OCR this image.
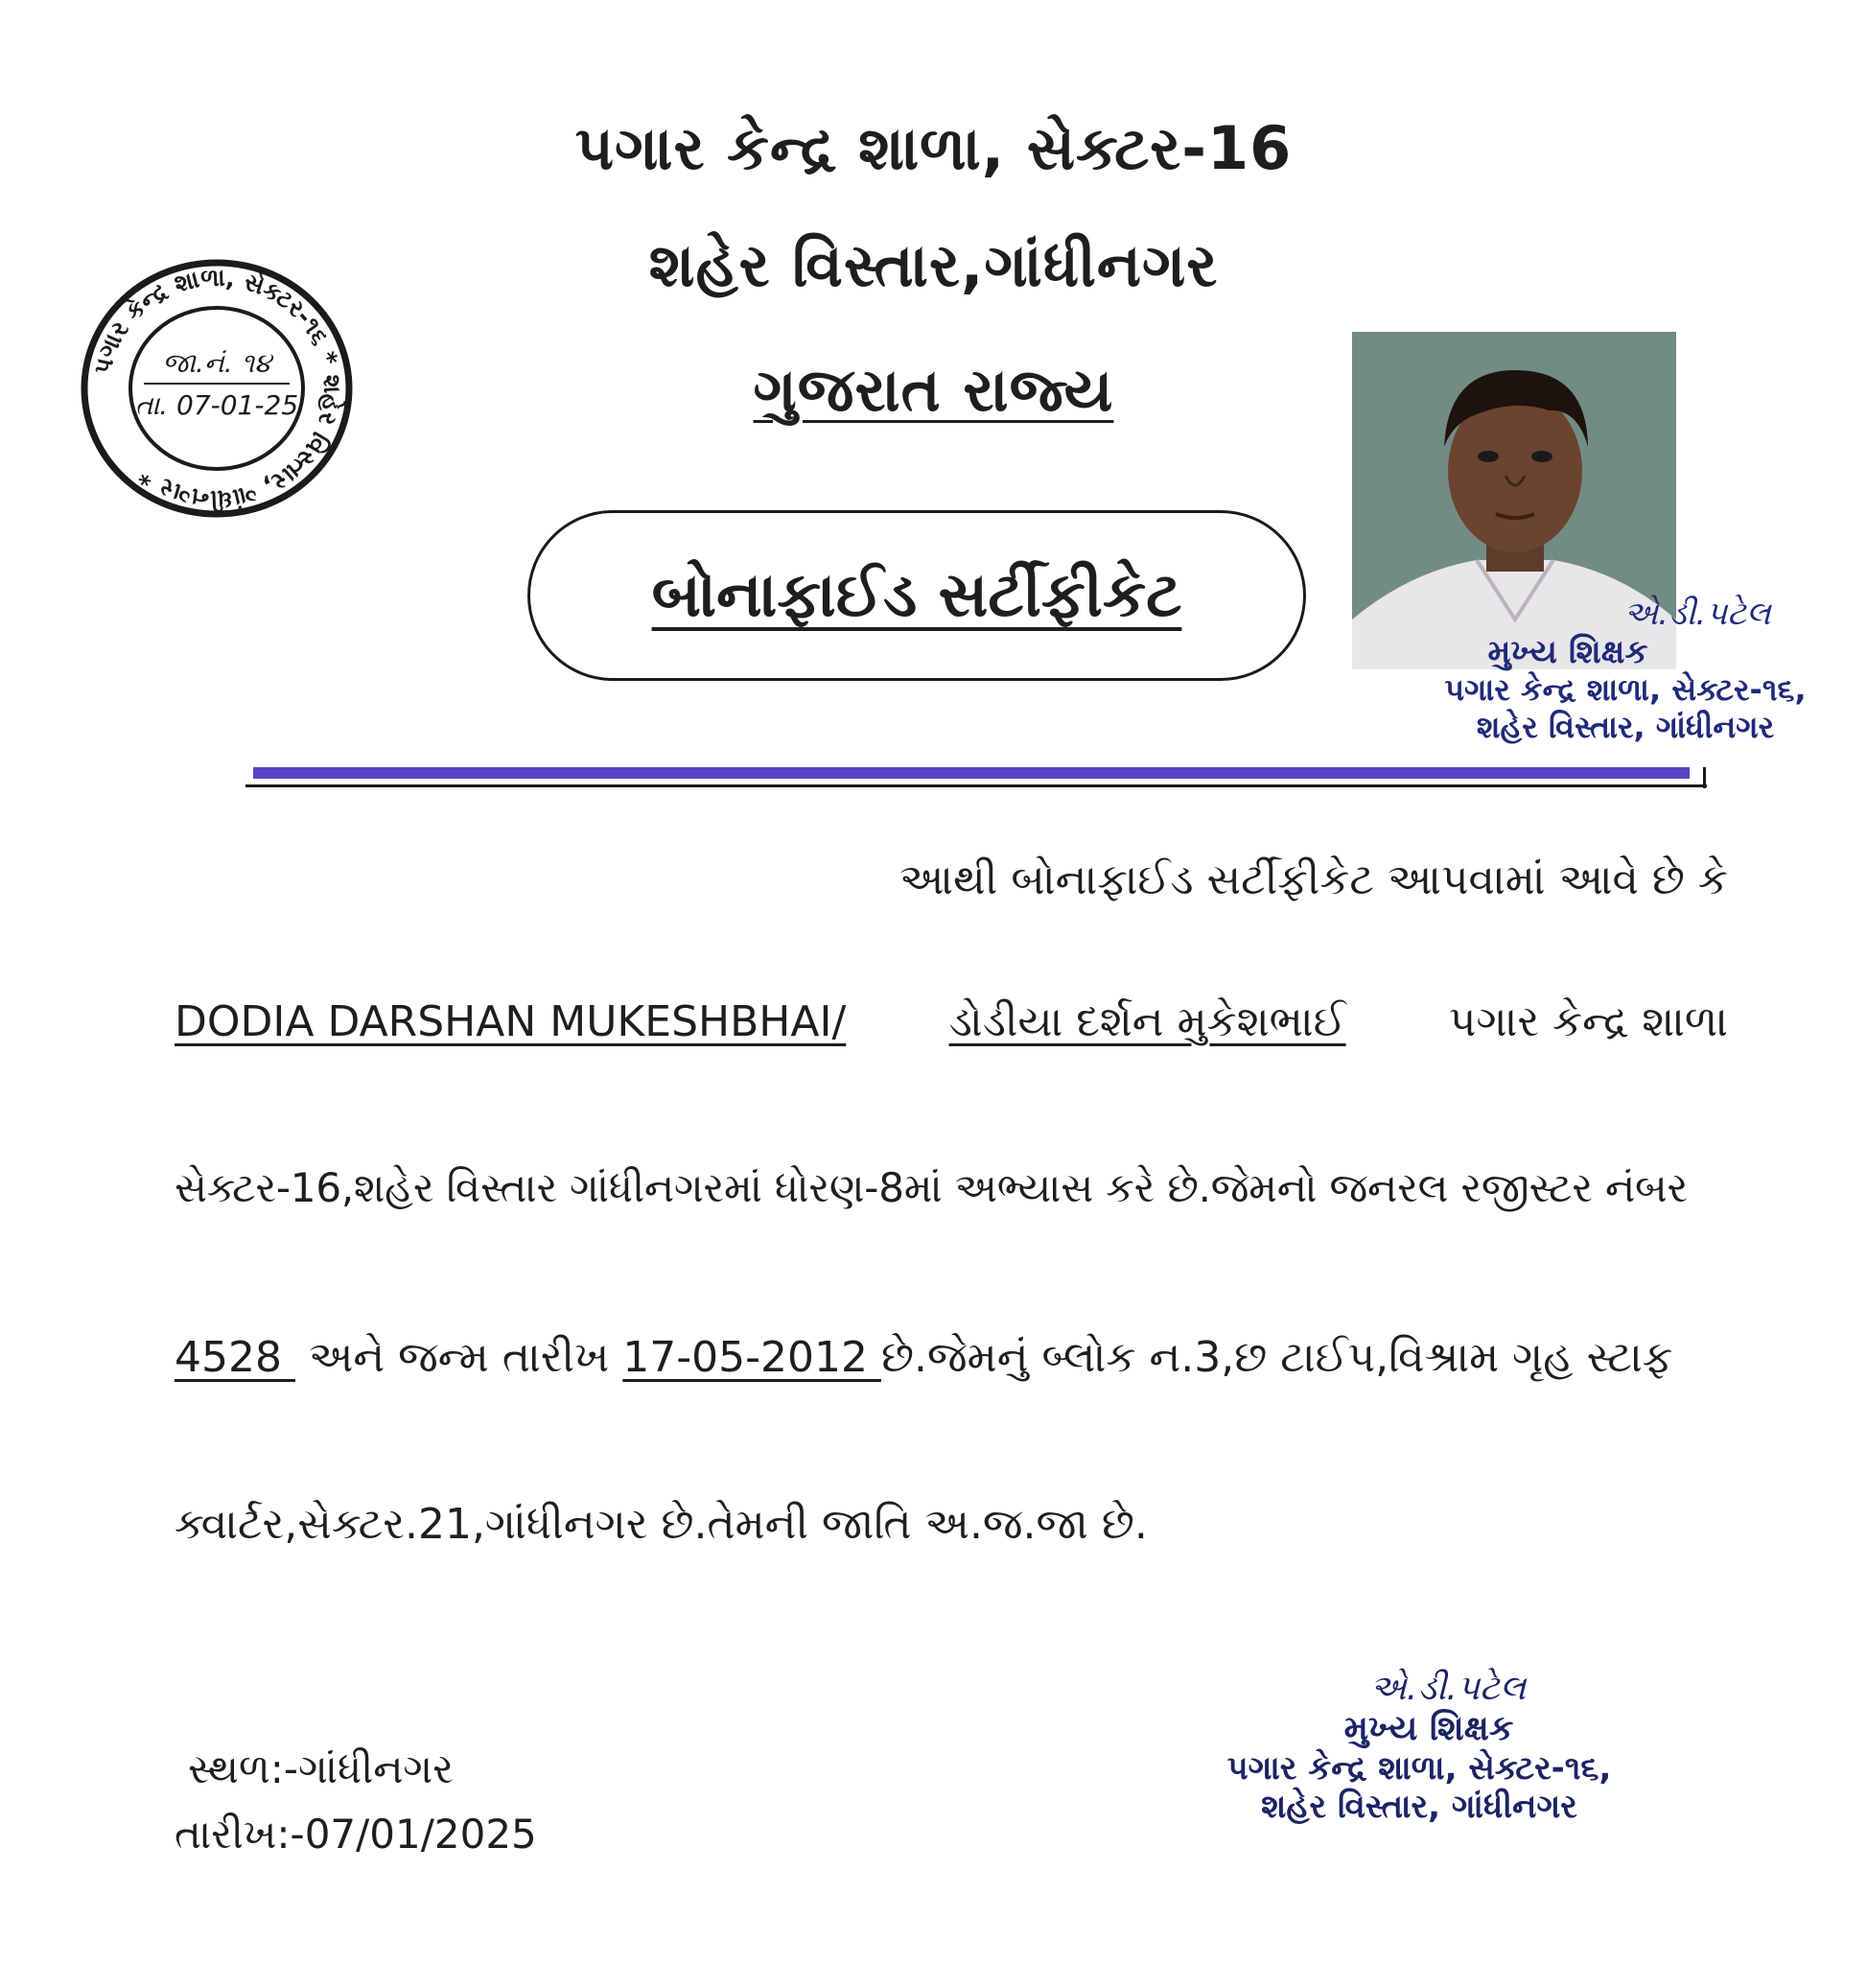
પગાર કેન્દ્ર શાળા, સેક્ટર-16
શહેર વિસ્તાર,ગાંધીનગર
ગુજરાત રાજ્ય
પગાર કેન્દ્ર શાળા, સેક્ટર-૧૬ * શહેર વિસ્તાર, ગાંધીનગર *
જા.નં. ૧૪
તા. 07-01-25
બોનાફાઈડ સર્ટીફીકેટ	એ.ડી.પટેલ
મુખ્ય શિક્ષક
પગાર કેન્દ્ર શાળા, સેક્ટર-૧૬,
શહેર વિસ્તાર, ગાંધીનગર
આથી બોનાફાઈડ સર્ટીફીકેટ આપવામાં આવે છે કે
DODIA DARSHAN MUKESHBHAI/ ડોડીયા દર્શન મુકેશભાઈ પગાર કેન્દ્ર શાળા
સેક્ટર-16,શહેર વિસ્તાર ગાંધીનગરમાં ધોરણ-8માં અભ્યાસ કરે છે.જેમનો જનરલ રજીસ્ટર નંબર
4528  અને જન્મ તારીખ 17-05-2012 છે.જેમનું બ્લોક ન.3,છ ટાઈપ,વિશ્રામ ગૃહ સ્ટાફ
ક્વાર્ટર,સેક્ટર.21,ગાંધીનગર છે.તેમની જાતિ અ.જ.જા છે.
સ્થળ:-ગાંધીનગર
તારીખ:-07/01/2025
એ.ડી.પટેલ
મુખ્ય શિક્ષક
પગાર કેન્દ્ર શાળા, સેક્ટર-૧૬,
શહેર વિસ્તાર, ગાંધીનગર
